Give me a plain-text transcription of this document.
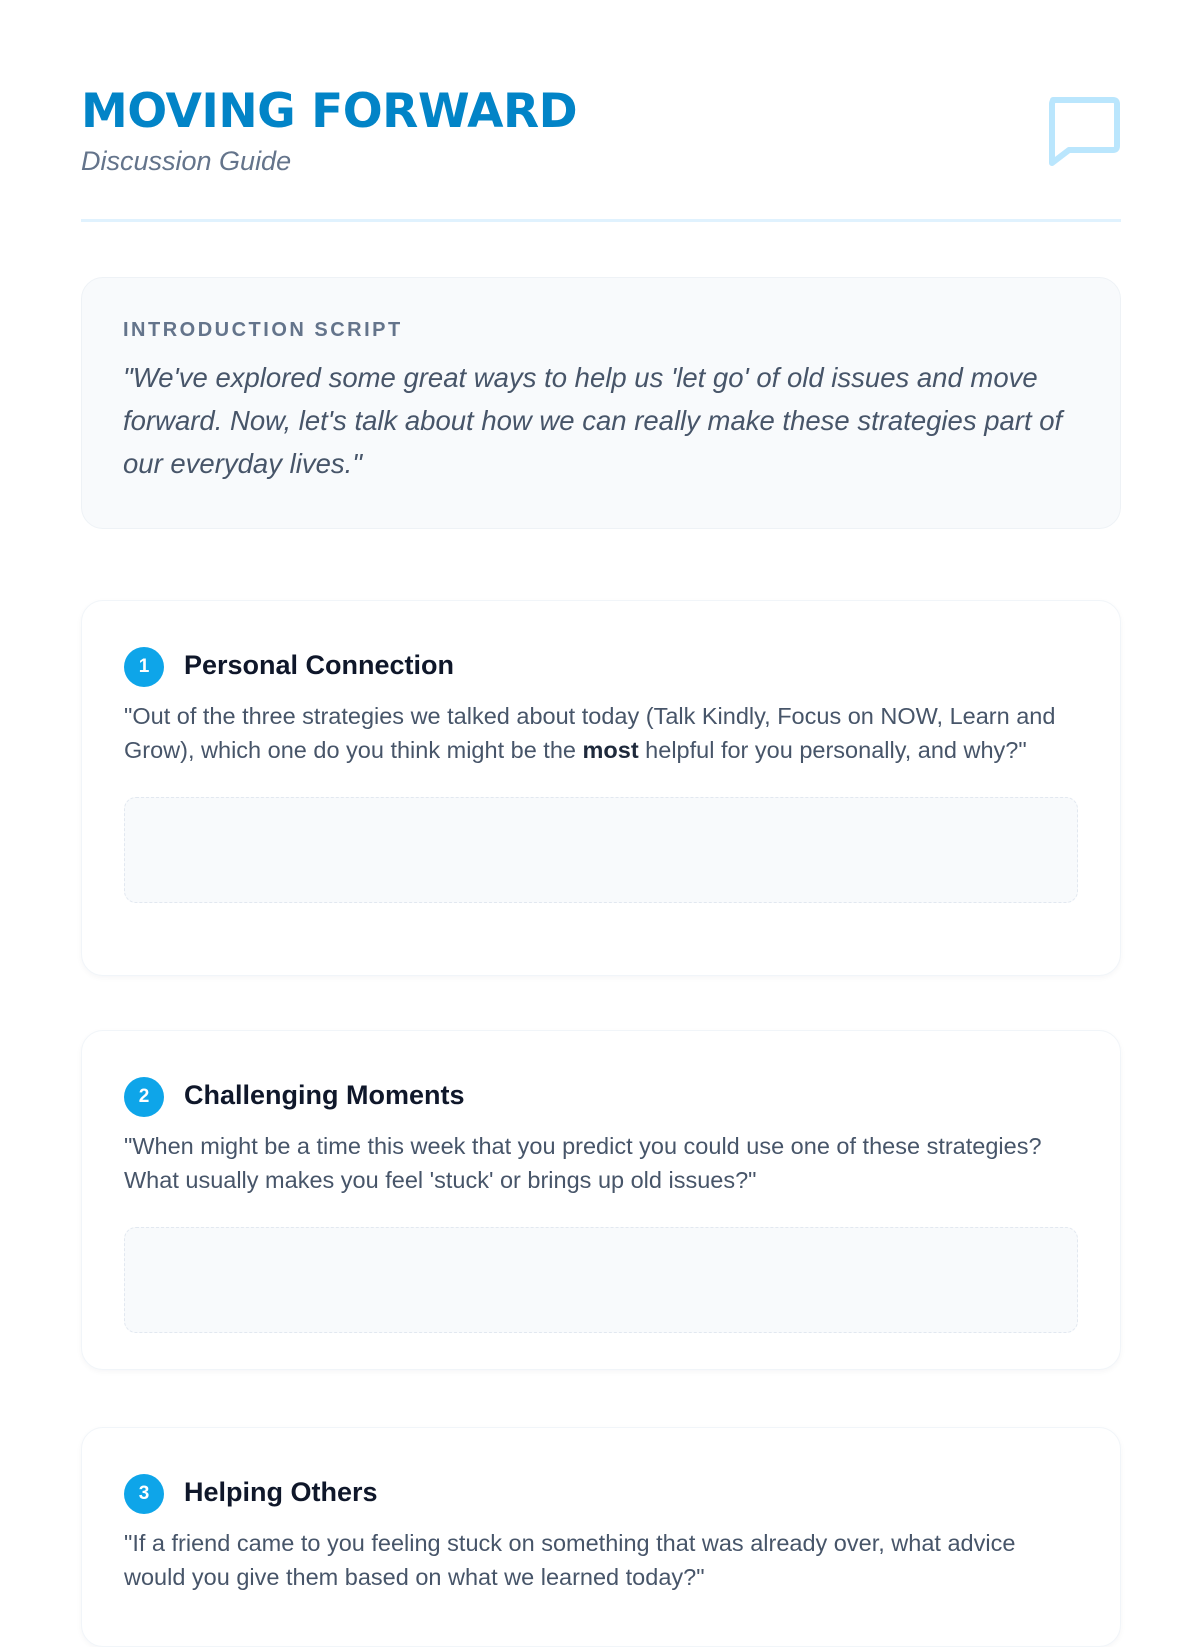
MOVING FORWARD
Discussion Guide
INTRODUCTION SCRIPT

"We've explored some great ways to help us 'let go' of old issues and move forward. Now, let's talk about how we can really make these strategies part of our everyday lives."

1	Personal Connection

"Out of the three strategies we talked about today (Talk Kindly, Focus on NOW, Learn and Grow), which one do you think might be the most helpful for you personally, and why?"

2	Challenging Moments

"When might be a time this week that you predict you could use one of these strategies? What usually makes you feel 'stuck' or brings up old issues?"

3	Helping Others

"If a friend came to you feeling stuck on something that was already over, what advice would you give them based on what we learned today?"
